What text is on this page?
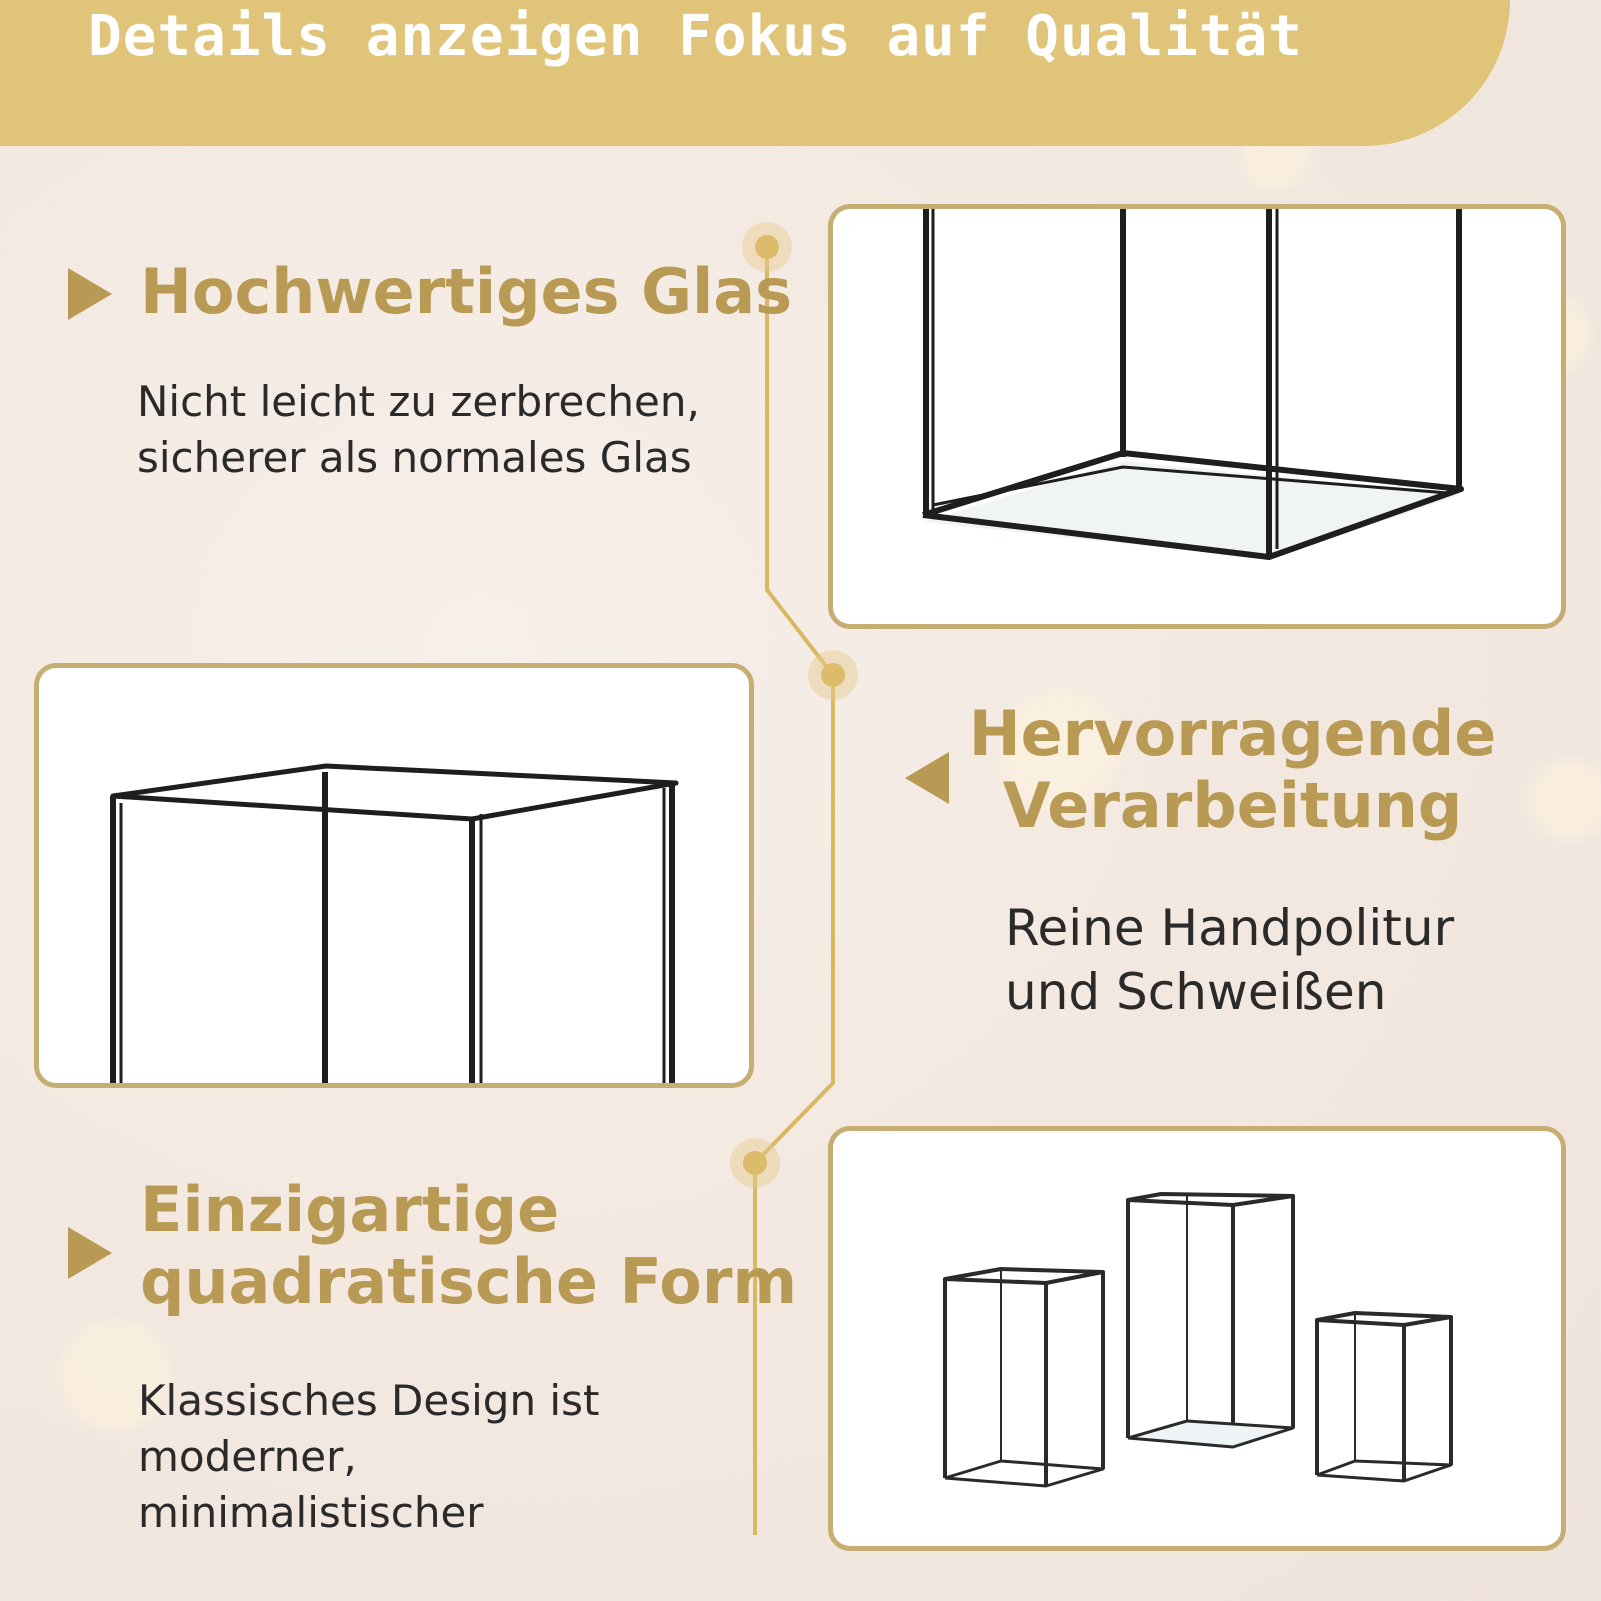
Details anzeigen Fokus auf Qualität
Hochwertiges Glas
Nicht leicht zu zerbrechen,
sicherer als normales Glas
Hervorragende
Verarbeitung
Reine Handpolitur
und Schweißen
Einzigartige
quadratische Form
Klassisches Design ist
moderner,
minimalistischer
